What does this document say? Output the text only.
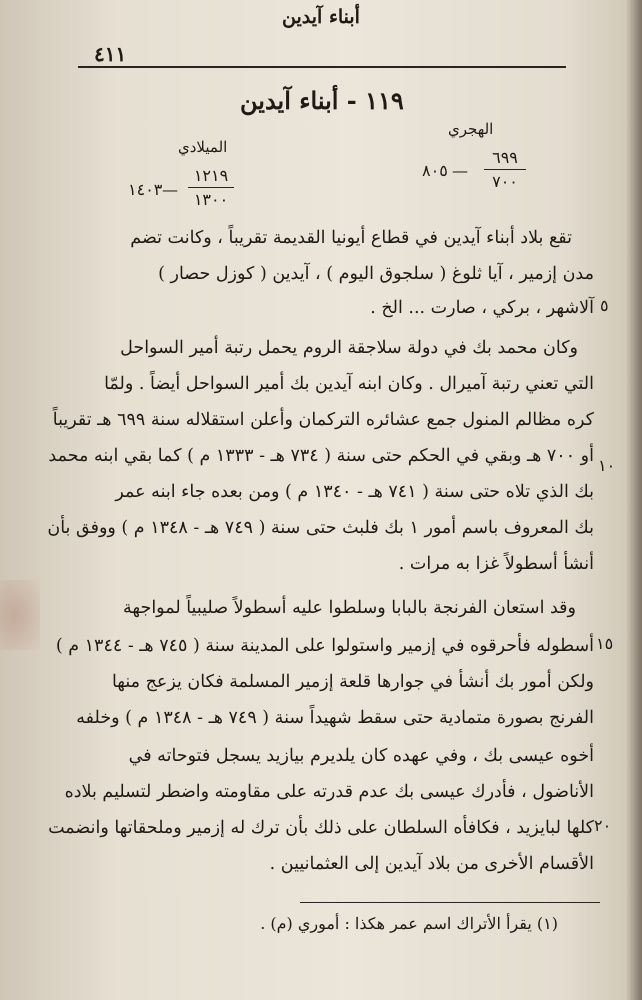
أبناء آيدين
٤١١
١١٩ - أبناء آيدين
الهجري
٦٩٩
٧٠٠
—
٨٠٥
الميلادي
١٢١٩
١٣٠٠
—
١٤٠٣
تقع بلاد أبناء آيدين في قطاع أيونيا القديمة تقريباً ، وكانت تضم
مدن إزمير ، آيا ثلوغ ( سلجوق اليوم ) ، آيدين ( كوزل حصار )
آلاشهر ، بركي ، صارت ... الخ .
وكان محمد بك في دولة سلاجقة الروم يحمل رتبة أمير السواحل
التي تعني رتبة آميرال . وكان ابنه آيدين بك أمير السواحل أيضاً . ولمّا
كره مظالم المنول جمع عشائره التركمان وأعلن استقلاله سنة ٦٩٩ هـ تقريباً
أو ٧٠٠ هـ وبقي في الحكم حتى سنة ( ٧٣٤ هـ - ١٣٣٣ م ) كما بقي ابنه محمد
بك الذي تلاه حتى سنة ( ٧٤١ هـ - ١٣٤٠ م ) ومن بعده جاء ابنه عمر
بك المعروف باسم أمور ١ بك فلبث حتى سنة ( ٧٤٩ هـ - ١٣٤٨ م ) ووفق بأن
أنشأ أسطولاً غزا به مرات .
وقد استعان الفرنجة بالبابا وسلطوا عليه أسطولاً صليبياً لمواجهة
أسطوله فأحرقوه في إزمير واستولوا على المدينة سنة ( ٧٤٥ هـ - ١٣٤٤ م )
ولكن أمور بك أنشأ في جوارها قلعة إزمير المسلمة فكان يزعج منها
الفرنج بصورة متمادية حتى سقط شهيداً سنة ( ٧٤٩ هـ - ١٣٤٨ م ) وخلفه
أخوه عيسى بك ، وفي عهده كان يلديرم بيازيد يسجل فتوحاته في
الأناضول ، فأدرك عيسى بك عدم قدرته على مقاومته واضطر لتسليم بلاده
كلها لبايزيد ، فكافأه السلطان على ذلك بأن ترك له إزمير وملحقاتها وانضمت
الأقسام الأخرى من بلاد آيدين إلى العثمانيين .
٥
١٠
١٥
٢٠
(١) يقرأ الأتراك اسم عمر هكذا : أموري (م) .
